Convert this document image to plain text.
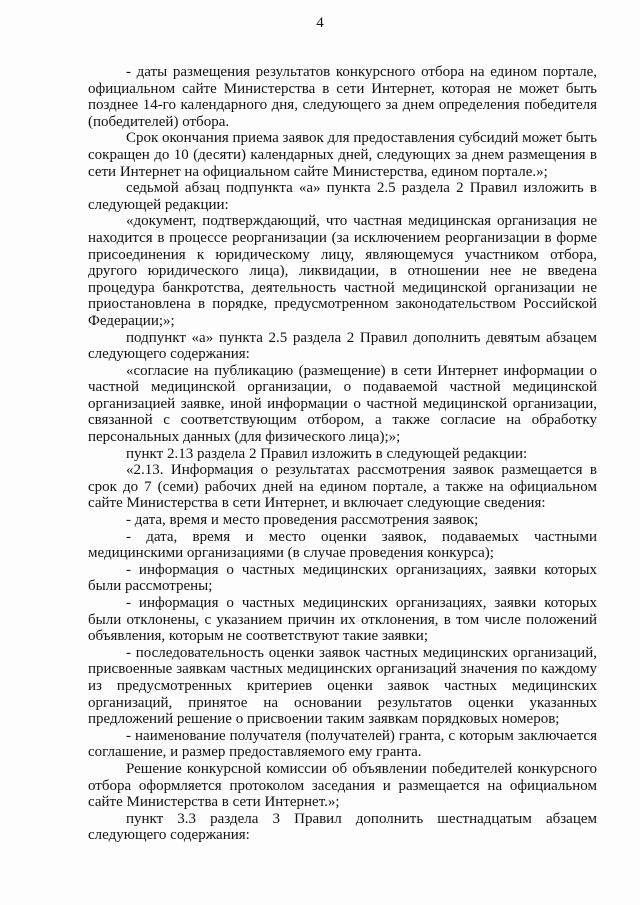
4

- даты размещения результатов конкурсного отбора на едином портале, официальном сайте Министерства в сети Интернет, которая не может быть позднее 14-го календарного дня, следующего за днем определения победителя (победителей) отбора.

Срок окончания приема заявок для предоставления субсидий может быть сокращен до 10 (десяти) календарных дней, следующих за днем размещения в сети Интернет на официальном сайте Министерства, едином портале.»;

седьмой абзац подпункта «а» пункта 2.5 раздела 2 Правил изложить в следующей редакции:

«документ, подтверждающий, что частная медицинская организация не находится в процессе реорганизации (за исключением реорганизации в форме присоединения к юридическому лицу, являющемуся участником отбора, другого юридического лица), ликвидации, в отношении нее не введена процедура банкротства, деятельность частной медицинской организации не приостановлена в порядке, предусмотренном законодательством Российской Федерации;»;

подпункт «а» пункта 2.5 раздела 2 Правил дополнить девятым абзацем следующего содержания:

«согласие на публикацию (размещение) в сети Интернет информации о частной медицинской организации, о подаваемой частной медицинской организацией заявке, иной информации о частной медицинской организации, связанной с соответствующим отбором, а также согласие на обработку персональных данных (для физического лица);»;

пункт 2.13 раздела 2 Правил изложить в следующей редакции:

«2.13. Информация о результатах рассмотрения заявок размещается в срок до 7 (семи) рабочих дней на едином портале, а также на официальном сайте Министерства в сети Интернет, и включает следующие сведения:

- дата, время и место проведения рассмотрения заявок;

- дата, время и место оценки заявок, подаваемых частными медицинскими организациями (в случае проведения конкурса);

- информация о частных медицинских организациях, заявки которых были рассмотрены;

- информация о частных медицинских организациях, заявки которых были отклонены, с указанием причин их отклонения, в том числе положений объявления, которым не соответствуют такие заявки;

- последовательность оценки заявок частных медицинских организаций, присвоенные заявкам частных медицинских организаций значения по каждому из предусмотренных критериев оценки заявок частных медицинских организаций, принятое на основании результатов оценки указанных предложений решение о присвоении таким заявкам порядковых номеров;

- наименование получателя (получателей) гранта, с которым заключается соглашение, и размер предоставляемого ему гранта.

Решение конкурсной комиссии об объявлении победителей конкурсного отбора оформляется протоколом заседания и размещается на официальном сайте Министерства в сети Интернет.»;

пункт 3.3 раздела 3 Правил дополнить шестнадцатым абзацем следующего содержания:
